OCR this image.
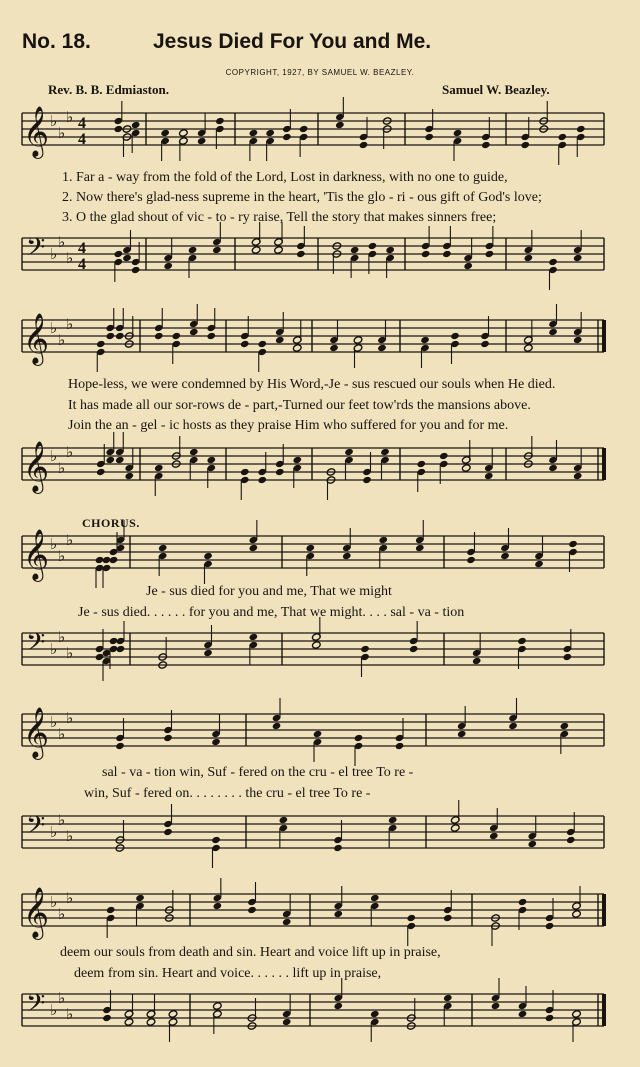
No. 18.	Jesus Died For You and Me.
COPYRIGHT, 1927, BY SAMUEL W. BEAZLEY.
Rev. B. B. Edmiaston.	Samuel W. Beazley.
𝄞 ♭
♭
♭ 4
4
𝄢 ♭
♭
♭
4
4
𝄞 ♭
♭
♭
𝄞 ♭
♭
♭
𝄞 ♭
♭
♭
𝄢 ♭
♭
♭
𝄞 ♭
♭
♭
𝄢 ♭
♭
♭
𝄞 ♭
♭
♭
𝄢 ♭
♭
♭
CHORUS.
1. Far a - way from the fold of the Lord, Lost in darkness, with no one to guide,
2. Now there's glad-ness supreme in the heart, 'Tis the glo - ri - ous gift of God's love;
3. O the glad shout of vic - to - ry raise, Tell the story that makes sinners free;
Hope-less, we were condemned by His Word,-Je - sus rescued our souls when He died.
It has made all our sor-rows de - part,-Turned our feet tow'rds the mansions above.
Join the an - gel - ic hosts as they praise Him who suffered for you and for me.
Je - sus died for you and me, That we might
Je - sus died. . . . . . for you and me, That we might. . . . sal - va - tion
sal - va - tion win, Suf - fered on the cru - el tree To re -
win, Suf - fered on. . . . . . . . the cru - el tree To re -
deem our souls from death and sin. Heart and voice lift up in praise,
deem from sin. Heart and voice. . . . . . lift up in praise,
